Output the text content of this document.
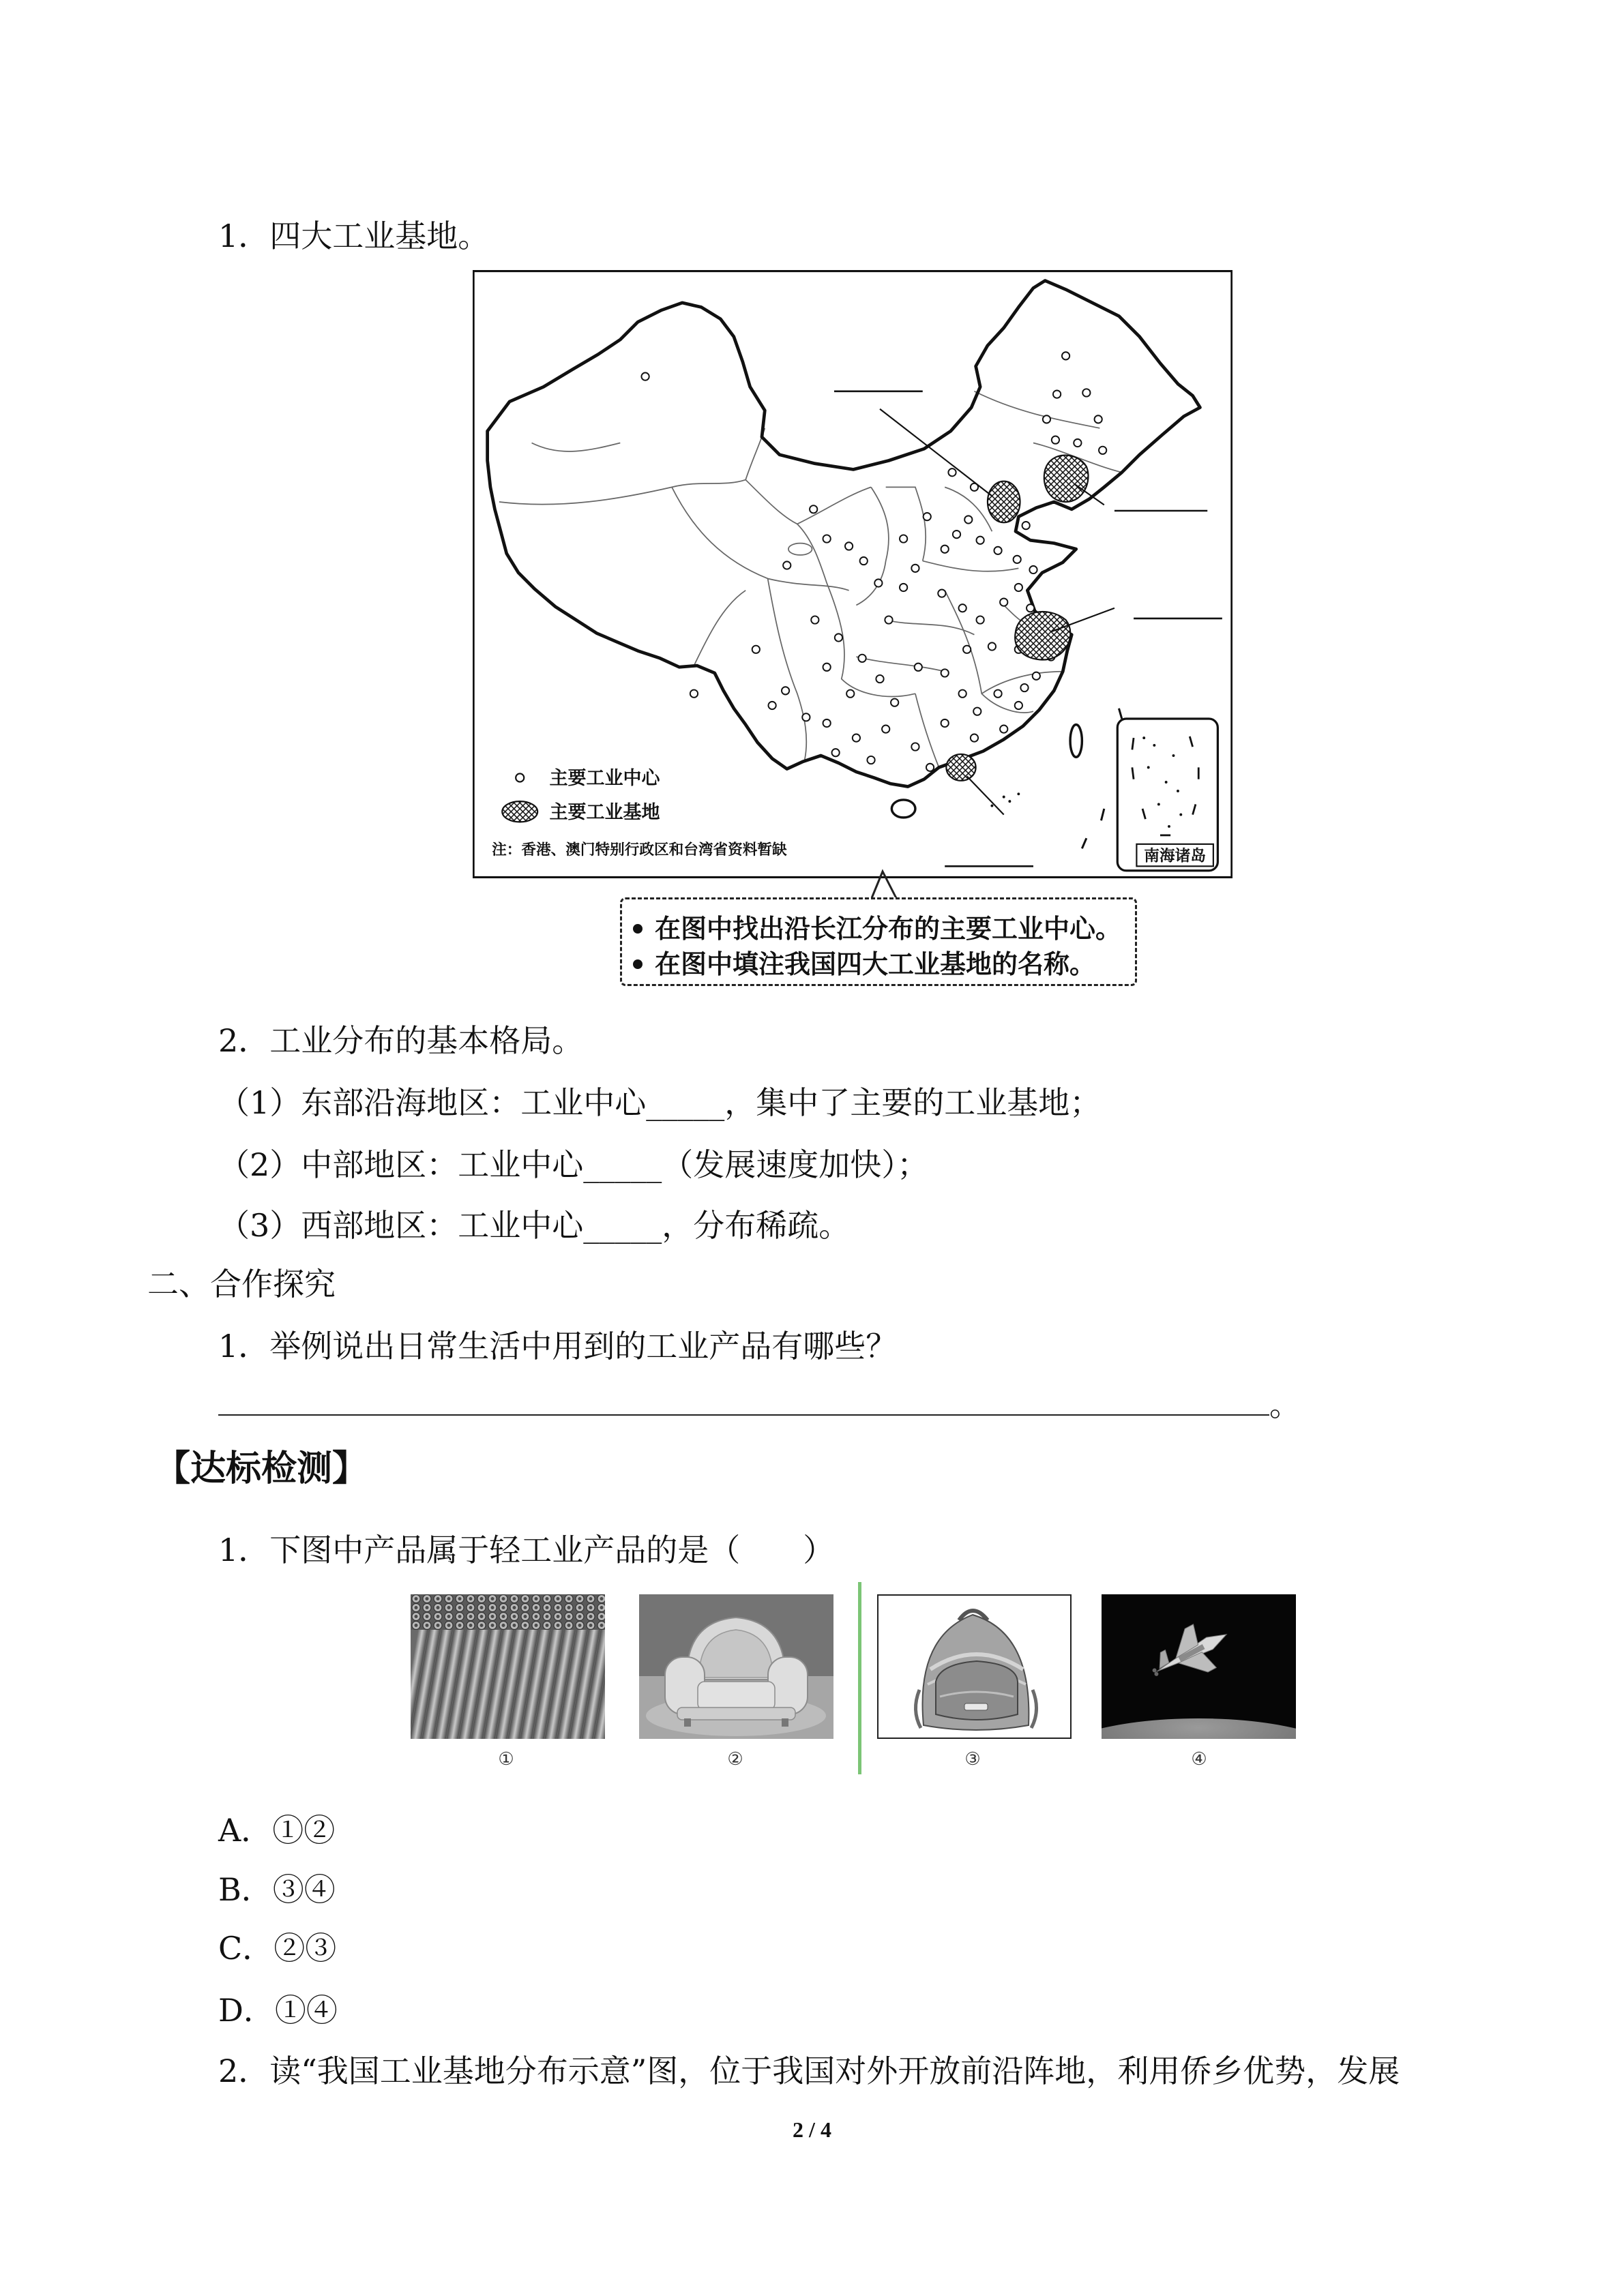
1．四大工业基地。
主要工业中心
主要工业基地
注：香港、澳门特别行政区和台湾省资料暂缺	南海诸岛
在图中找出沿长江分布的主要工业中心。
在图中填注我国四大工业基地的名称。
2．工业分布的基本格局。
（1）东部沿海地区：工业中心_____，集中了主要的工业基地；
（2）中部地区：工业中心_____（发展速度加快）；
（3）西部地区：工业中心_____，分布稀疏。
二、合作探究
1．举例说出日常生活中用到的工业产品有哪些？
。
【达标检测】
1．下图中产品属于轻工业产品的是（　　）
①	②	③	④
A．①②
B．③④
C．②③
D．①④
2．读“我国工业基地分布示意”图，位于我国对外开放前沿阵地，利用侨乡优势，发展
2 / 4
